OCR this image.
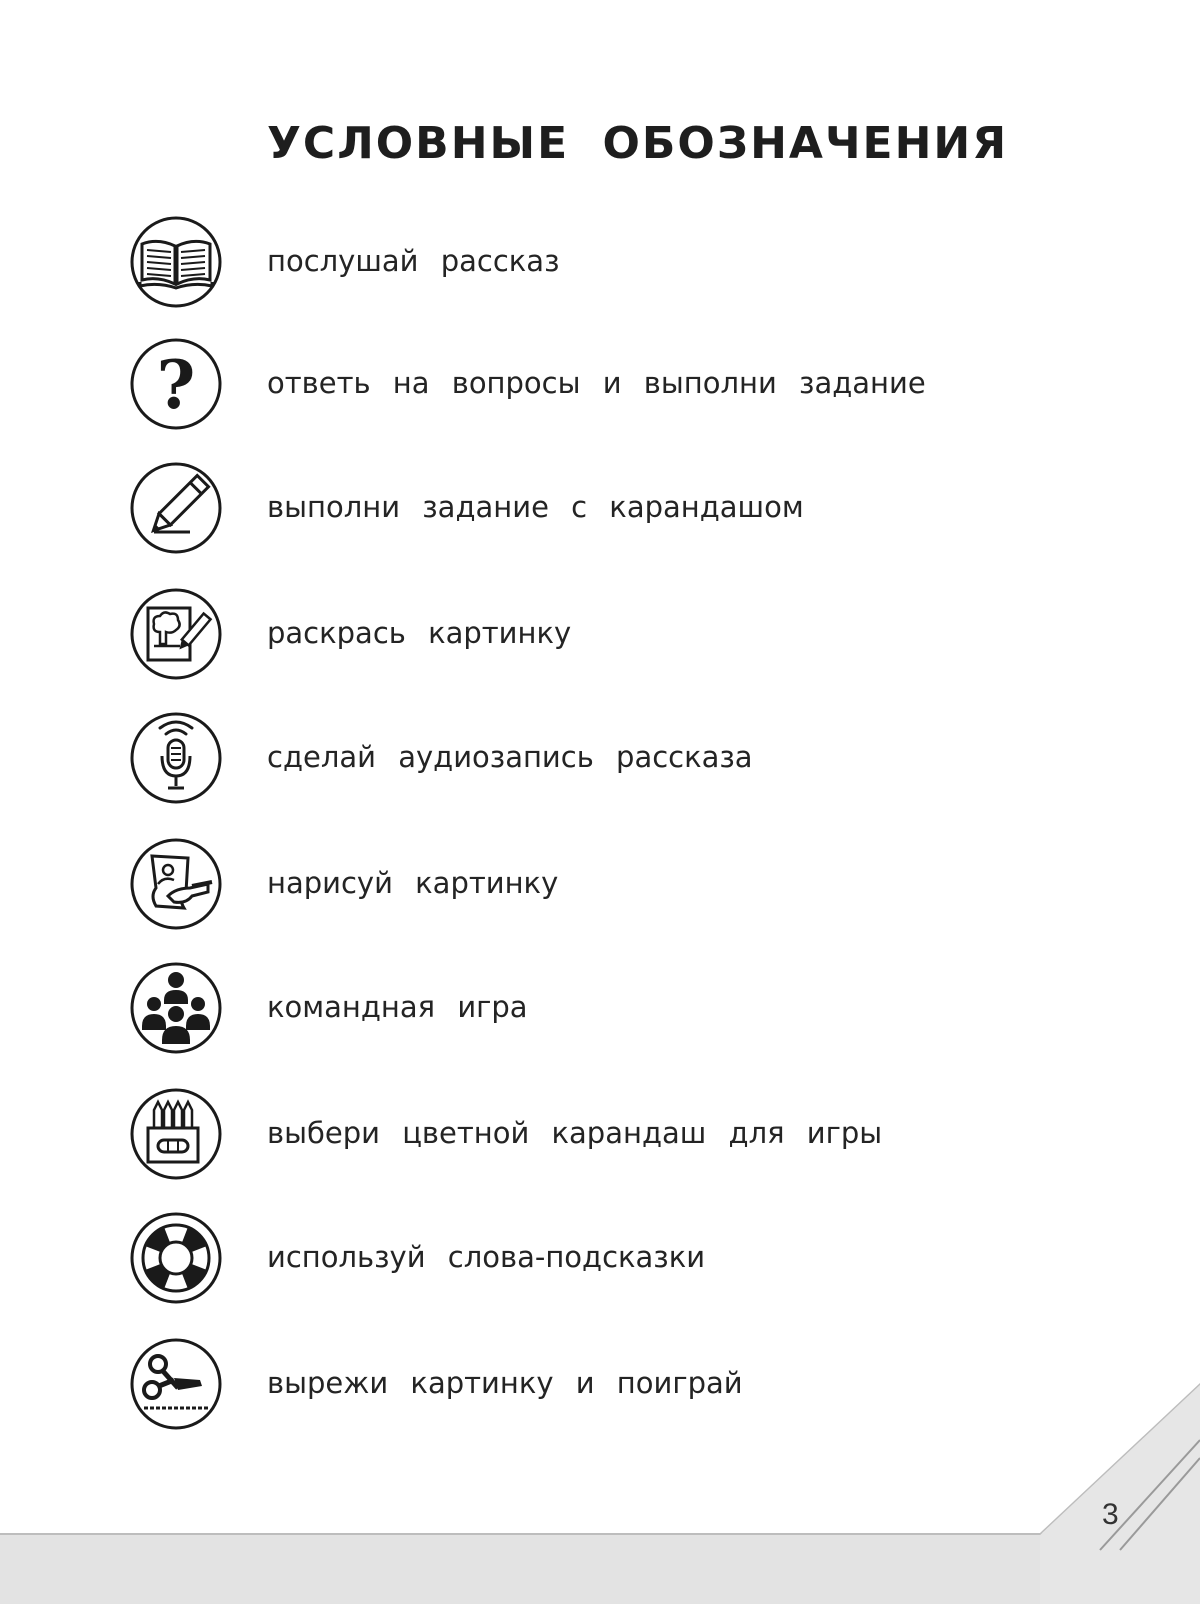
УСЛОВНЫЕ ОБОЗНАЧЕНИЯ
послушай рассказ
? ответь на вопросы и выполни задание
выполни задание с карандашом
раскрась картинку
сделай аудиозапись рассказа
нарисуй картинку
командная игра
выбери цветной карандаш для игры
используй слова-подсказки
вырежи картинку и поиграй
3
